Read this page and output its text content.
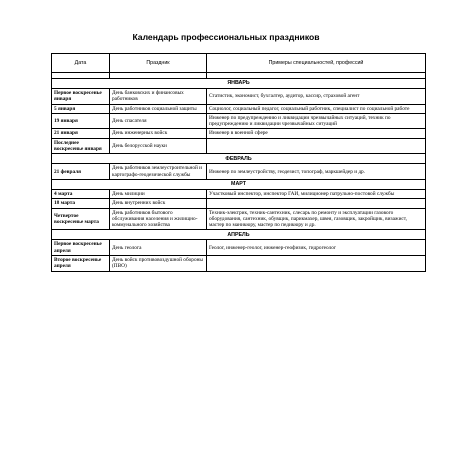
Календарь профессиональных праздников
Дата	Праздник	Примеры специальностей, профессий

ЯНВАРЬ		
Первое воскресенье января	День банковских и финансовых работников	Статистик, экономист, бухгалтер, аудитор, кассир, страховой агент
5 января	День работников социальной защиты	Социолог, социальный педагог, социальный работник, специалист по социальной работе
19 января	День спасателя	Инженер по предупреждению и ликвидации чрезвычайных ситуаций, техник по предупреждению и ликвидации чрезвычайных ситуаций
21 января	День инженерных войск	Инженер в военной сфере
Последнее воскресенье января	День белорусской науки	
ФЕВРАЛЬ		
21 февраля	День работников землеустроительной и картографо-геодезической службы	Инженер по землеустройству, геодезист, топограф, маркшейдер и др.
МАРТ		
4 марта	День милиции	Участковый инспектор, инспектор ГАИ, милиционер патрульно-постовой службы
18 марта	День внутренних войск	
Четвертое воскресенье марта	День работников бытового обслуживания населения и жилищно-коммунального хозяйства	Техник-электрик, техник-сантехник, слесарь по ремонту и эксплуатации газового оборудования, сантехник, обувщик, парикмахер, швея, газовщик, закройщик, визажист, мастер по маникюру, мастер по педикюру и др.
АПРЕЛЬ		
Первое воскресенье апреля	День геолога	Геолог, инженер-геолог, инженер-геофизик, гидрогеолог
Второе воскресенье апреля	День войск противовоздушной обороны (ПВО)	
